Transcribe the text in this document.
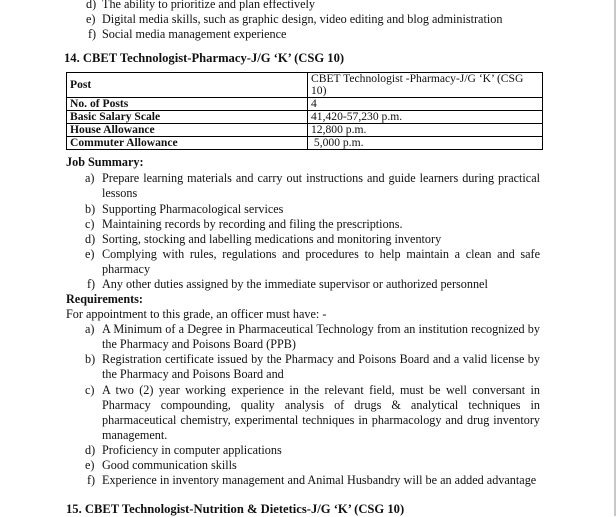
d) The ability to prioritize and plan effectively
e) Digital media skills, such as graphic design, video editing and blog administration
f) Social media management experience
14. CBET Technologist-Pharmacy-J/G ‘K’ (CSG 10)
Post	CBET Technologist -Pharmacy-J/G ‘K’ (CSG 10)
No. of Posts	4
Basic Salary Scale	41,420-57,230 p.m.
House Allowance	12,800 p.m.
Commuter Allowance	5,000 p.m.
Job Summary:
a) Prepare learning materials and carry out instructions and guide learners during practical
lessons
b) Supporting Pharmacological services
c) Maintaining records by recording and filing the prescriptions.
d) Sorting, stocking and labelling medications and monitoring inventory
e) Complying with rules, regulations and procedures to help maintain a clean and safe
pharmacy
f) Any other duties assigned by the immediate supervisor or authorized personnel
Requirements:
For appointment to this grade, an officer must have: -
a) A Minimum of a Degree in Pharmaceutical Technology from an institution recognized by
the Pharmacy and Poisons Board (PPB)
b) Registration certificate issued by the Pharmacy and Poisons Board and a valid license by
the Pharmacy and Poisons Board and
c) A two (2) year working experience in the relevant field, must be well conversant in
Pharmacy compounding, quality analysis of drugs & analytical techniques in
pharmaceutical chemistry, experimental techniques in pharmacology and drug inventory
management.
d) Proficiency in computer applications
e) Good communication skills
f) Experience in inventory management and Animal Husbandry will be an added advantage
15. CBET Technologist-Nutrition & Dietetics-J/G ‘K’ (CSG 10)
